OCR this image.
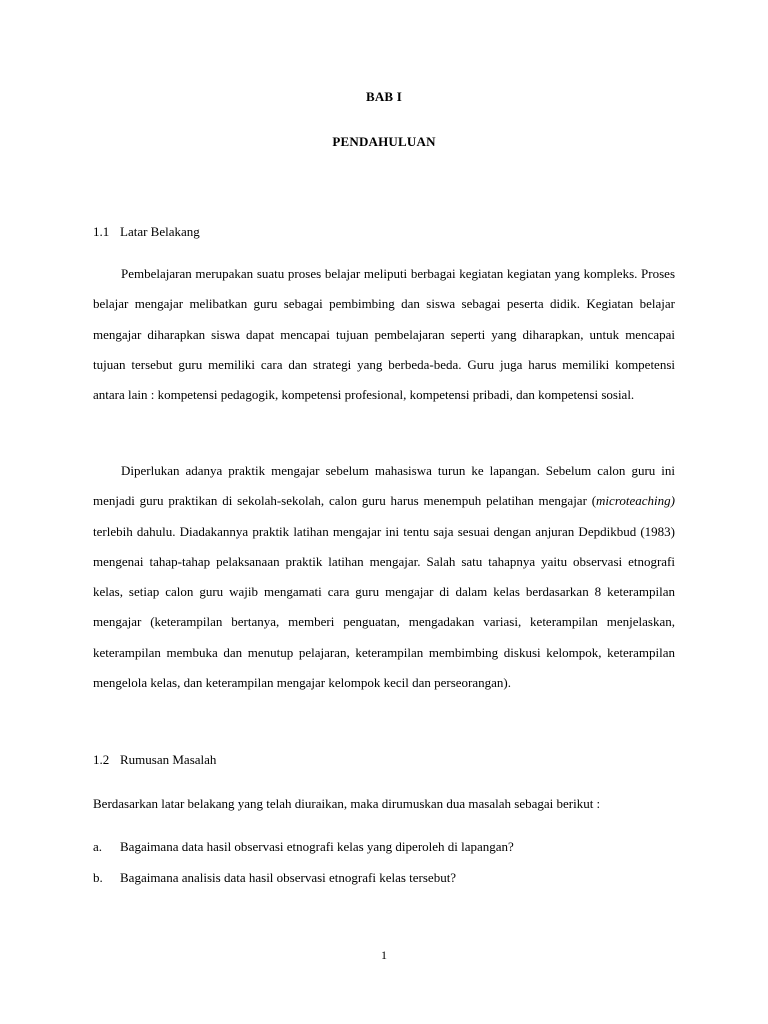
BAB I
PENDAHULUAN
1.1 Latar Belakang

Pembelajaran merupakan suatu proses belajar meliputi berbagai kegiatan kegiatan yang kompleks. Proses belajar mengajar melibatkan guru sebagai pembimbing dan siswa sebagai peserta didik. Kegiatan belajar mengajar diharapkan siswa dapat mencapai tujuan pembelajaran seperti yang diharapkan, untuk mencapai tujuan tersebut guru memiliki cara dan strategi yang berbeda-beda. Guru juga harus memiliki kompetensi antara lain : kompetensi pedagogik, kompetensi profesional, kompetensi pribadi, dan kompetensi sosial.

Diperlukan adanya praktik mengajar sebelum mahasiswa turun ke lapangan. Sebelum calon guru ini menjadi guru praktikan di sekolah-sekolah, calon guru harus menempuh pelatihan mengajar (microteaching) terlebih dahulu. Diadakannya praktik latihan mengajar ini tentu saja sesuai dengan anjuran Depdikbud (1983) mengenai tahap-tahap pelaksanaan praktik latihan mengajar. Salah satu tahapnya yaitu observasi etnografi kelas, setiap calon guru wajib mengamati cara guru mengajar di dalam kelas berdasarkan 8 keterampilan mengajar (keterampilan bertanya, memberi penguatan, mengadakan variasi, keterampilan menjelaskan, keterampilan membuka dan menutup pelajaran, keterampilan membimbing diskusi kelompok, keterampilan mengelola kelas, dan keterampilan mengajar kelompok kecil dan perseorangan).

1.2 Rumusan Masalah
Berdasarkan latar belakang yang telah diuraikan, maka dirumuskan dua masalah sebagai berikut :
a. Bagaimana data hasil observasi etnografi kelas yang diperoleh di lapangan?
b. Bagaimana analisis data hasil observasi etnografi kelas tersebut?
1
